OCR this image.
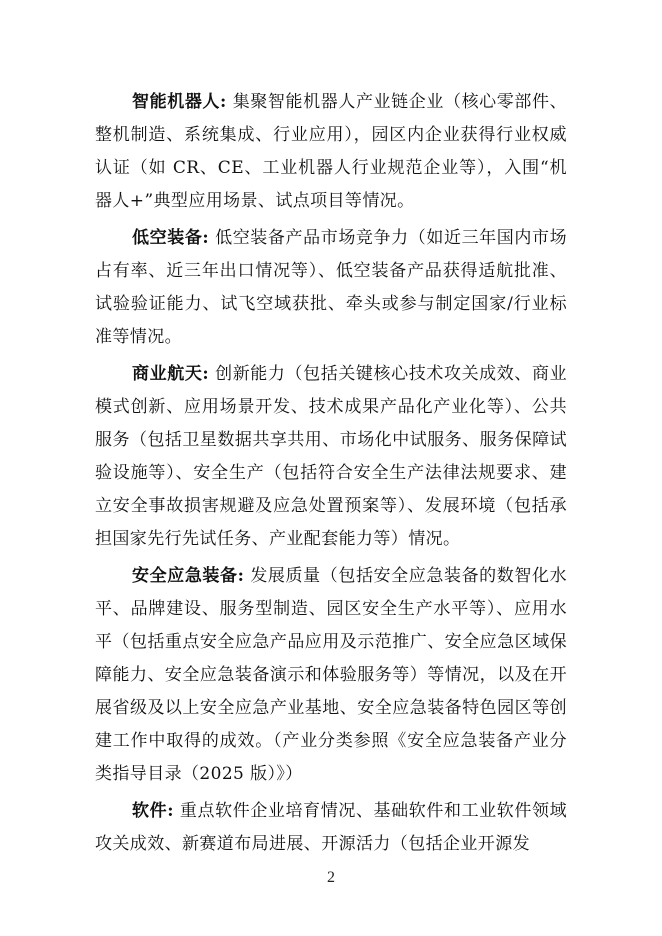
智能机器人: 集聚智能机器人产业链企业（核心零部件、整机制造、系统集成、行业应用），园区内企业获得行业权威认证（如 CR、CE、工业机器人行业规范企业等），入围“机器人+”典型应用场景、试点项目等情况。

低空装备: 低空装备产品市场竞争力（如近三年国内市场占有率、近三年出口情况等）、低空装备产品获得适航批准、试验验证能力、试飞空域获批、牵头或参与制定国家/行业标准等情况。

商业航天: 创新能力（包括关键核心技术攻关成效、商业模式创新、应用场景开发、技术成果产品化产业化等）、公共服务（包括卫星数据共享共用、市场化中试服务、服务保障试验设施等）、安全生产（包括符合安全生产法律法规要求、建立安全事故损害规避及应急处置预案等）、发展环境（包括承担国家先行先试任务、产业配套能力等）情况。

安全应急装备: 发展质量（包括安全应急装备的数智化水平、品牌建设、服务型制造、园区安全生产水平等）、应用水平（包括重点安全应急产品应用及示范推广、安全应急区域保障能力、安全应急装备演示和体验服务等）等情况，以及在开展省级及以上安全应急产业基地、安全应急装备特色园区等创建工作中取得的成效。（产业分类参照《安全应急装备产业分类指导目录（2025 版）》）

软件: 重点软件企业培育情况、基础软件和工业软件领域攻关成效、新赛道布局进展、开源活力（包括企业开源发

2
